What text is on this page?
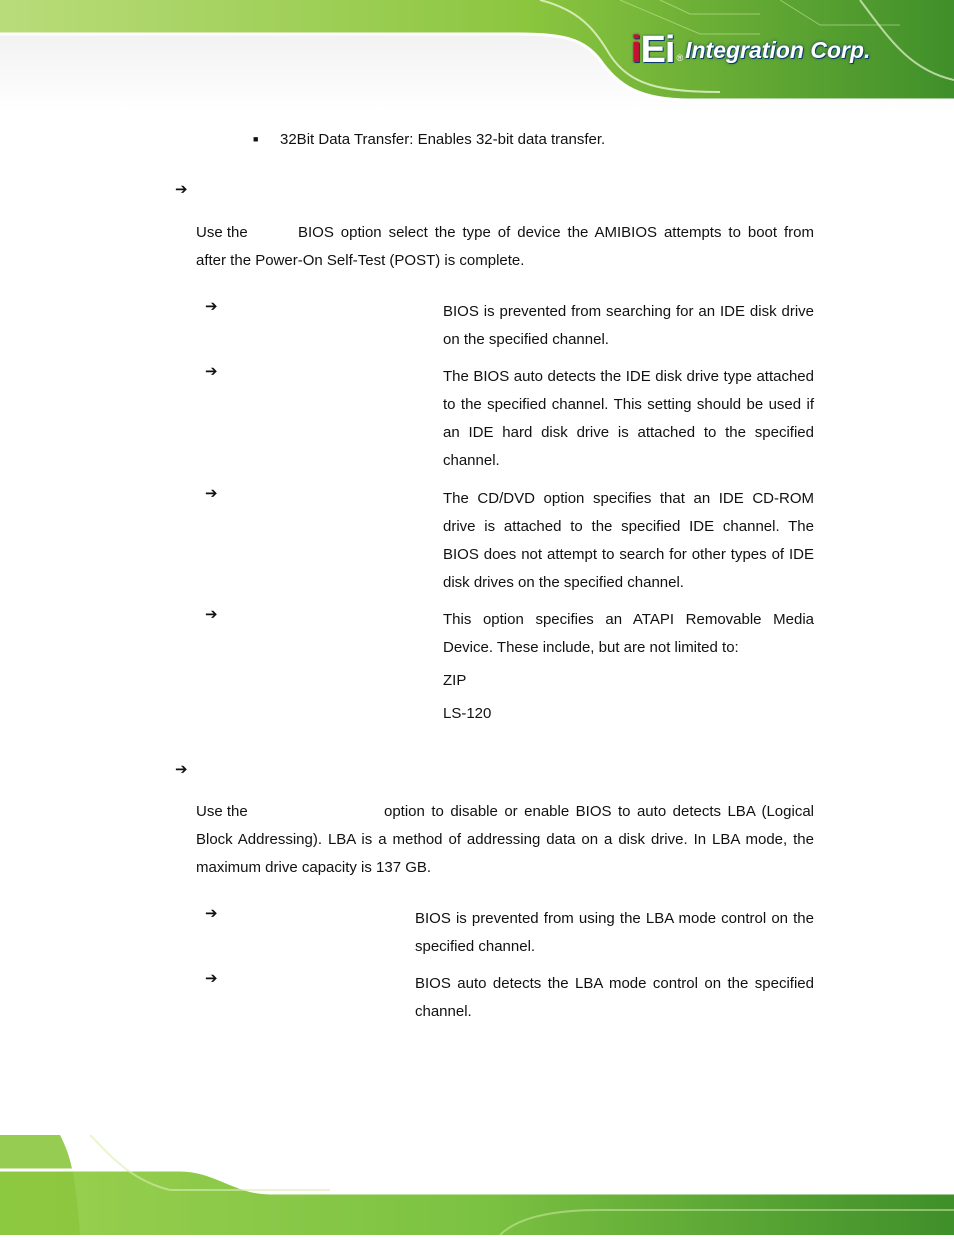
iEi ® Integration Corp.
■ 32Bit Data Transfer: Enables 32-bit data transfer.
➔
Use the	BIOS option select the type of device the AMIBIOS attempts to boot from
after the Power-On Self-Test (POST) is complete.
➔	BIOS is prevented from searching for an IDE disk drive on the specified channel.
➔	The BIOS auto detects the IDE disk drive type attached to the specified channel. This setting should be used if an IDE hard disk drive is attached to the specified channel.
➔	The CD/DVD option specifies that an IDE CD-ROM drive is attached to the specified IDE channel. The BIOS does not attempt to search for other types of IDE disk drives on the specified channel.
➔	This option specifies an ATAPI Removable Media Device. These include, but are not limited to:
ZIP
LS-120
➔
Use the	option to disable or enable BIOS to auto detects LBA (Logical
Block Addressing). LBA is a method of addressing data on a disk drive. In LBA mode, the maximum drive capacity is 137 GB.
➔	BIOS is prevented from using the LBA mode control on the specified channel.
➔	BIOS auto detects the LBA mode control on the specified channel.
